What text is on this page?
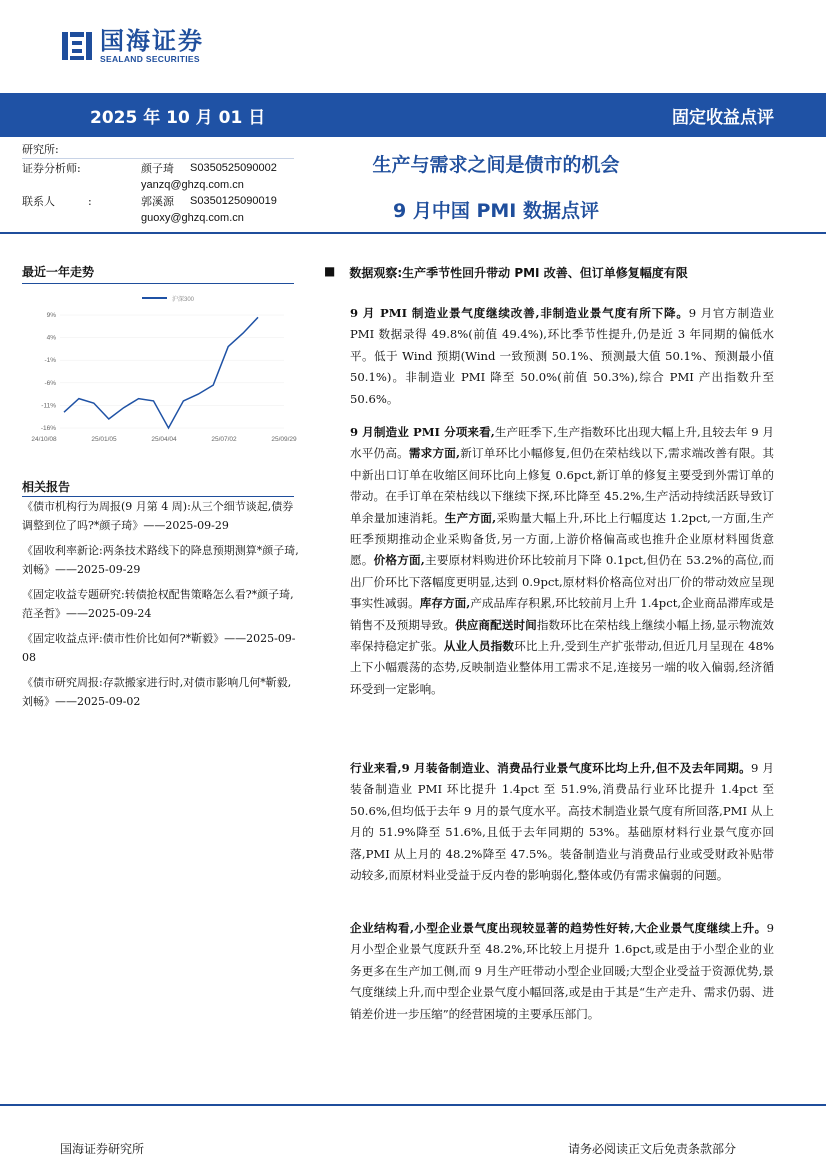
国海证券
SEALAND SECURITIES
2025 年 10 月 01 日	固定收益点评
研究所:
证券分析师:	颜子琦 S0350525090002
yanzq@ghzq.com.cn
联系人	:	郭溪源 S0350125090019
guoxy@ghzq.com.cn
生产与需求之间是债市的机会
9 月中国 PMI 数据点评
最近一年走势
9%
4%
-1%
-6%
-11%
-16%
24/10/08	25/01/05	25/04/04	25/07/02	25/09/29
沪深300
相关报告
《债市机构行为周报(9 月第 4 周):从三个细节谈起,债券调整到位了吗?*颜子琦》——2025-09-29
《固收利率新论:两条技术路线下的降息预期测算*颜子琦,刘畅》——2025-09-29
《固定收益专题研究:转债抢权配售策略怎么看?*颜子琦,范圣哲》——2025-09-24
《固定收益点评:债市性价比如何?*靳毅》——2025-09-08
《债市研究周报:存款搬家进行时,对债市影响几何*靳毅,刘畅》——2025-09-02
■ 数据观察:生产季节性回升带动 PMI 改善、但订单修复幅度有限
9 月 PMI 制造业景气度继续改善,非制造业景气度有所下降。9 月官方制造业 PMI 数据录得 49.8%(前值 49.4%),环比季节性提升,仍是近 3 年同期的偏低水平。低于 Wind 预期(Wind 一致预测 50.1%、预测最大值 50.1%、预测最小值 50.1%)。非制造业 PMI 降至 50.0%(前值 50.3%),综合 PMI 产出指数升至 50.6%。
9 月制造业 PMI 分项来看,生产旺季下,生产指数环比出现大幅上升,且较去年 9 月水平仍高。需求方面,新订单环比小幅修复,但仍在荣枯线以下,需求端改善有限。其中新出口订单在收缩区间环比向上修复 0.6pct,新订单的修复主要受到外需订单的带动。在手订单在荣枯线以下继续下探,环比降至 45.2%,生产活动持续活跃导致订单余量加速消耗。生产方面,采购量大幅上升,环比上行幅度达 1.2pct,一方面,生产旺季预期推动企业采购备货,另一方面,上游价格偏高或也推升企业原材料囤货意愿。价格方面,主要原材料购进价环比较前月下降 0.1pct,但仍在 53.2%的高位,而出厂价环比下落幅度更明显,达到 0.9pct,原材料价格高位对出厂价的带动效应呈现事实性减弱。库存方面,产成品库存积累,环比较前月上升 1.4pct,企业商品滞库或是销售不及预期导致。供应商配送时间指数环比在荣枯线上继续小幅上扬,显示物流效率保持稳定扩张。从业人员指数环比上升,受到生产扩张带动,但近几月呈现在 48%上下小幅震荡的态势,反映制造业整体用工需求不足,连接另一端的收入偏弱,经济循环受到一定影响。
行业来看,9 月装备制造业、消费品行业景气度环比均上升,但不及去年同期。9 月装备制造业 PMI 环比提升 1.4pct 至 51.9%,消费品行业环比提升 1.4pct 至 50.6%,但均低于去年 9 月的景气度水平。高技术制造业景气度有所回落,PMI 从上月的 51.9%降至 51.6%,且低于去年同期的 53%。基础原材料行业景气度亦回落,PMI 从上月的 48.2%降至 47.5%。装备制造业与消费品行业或受财政补贴带动较多,而原材料业受益于反内卷的影响弱化,整体或仍有需求偏弱的问题。
企业结构看,小型企业景气度出现较显著的趋势性好转,大企业景气度继续上升。9 月小型企业景气度跃升至 48.2%,环比较上月提升 1.6pct,或是由于小型企业的业务更多在生产加工侧,而 9 月生产旺带动小型企业回暖;大型企业受益于资源优势,景气度继续上升,而中型企业景气度小幅回落,或是由于其是“生产走升、需求仍弱、进销差价进一步压缩”的经营困境的主要承压部门。
国海证券研究所	请务必阅读正文后免责条款部分
